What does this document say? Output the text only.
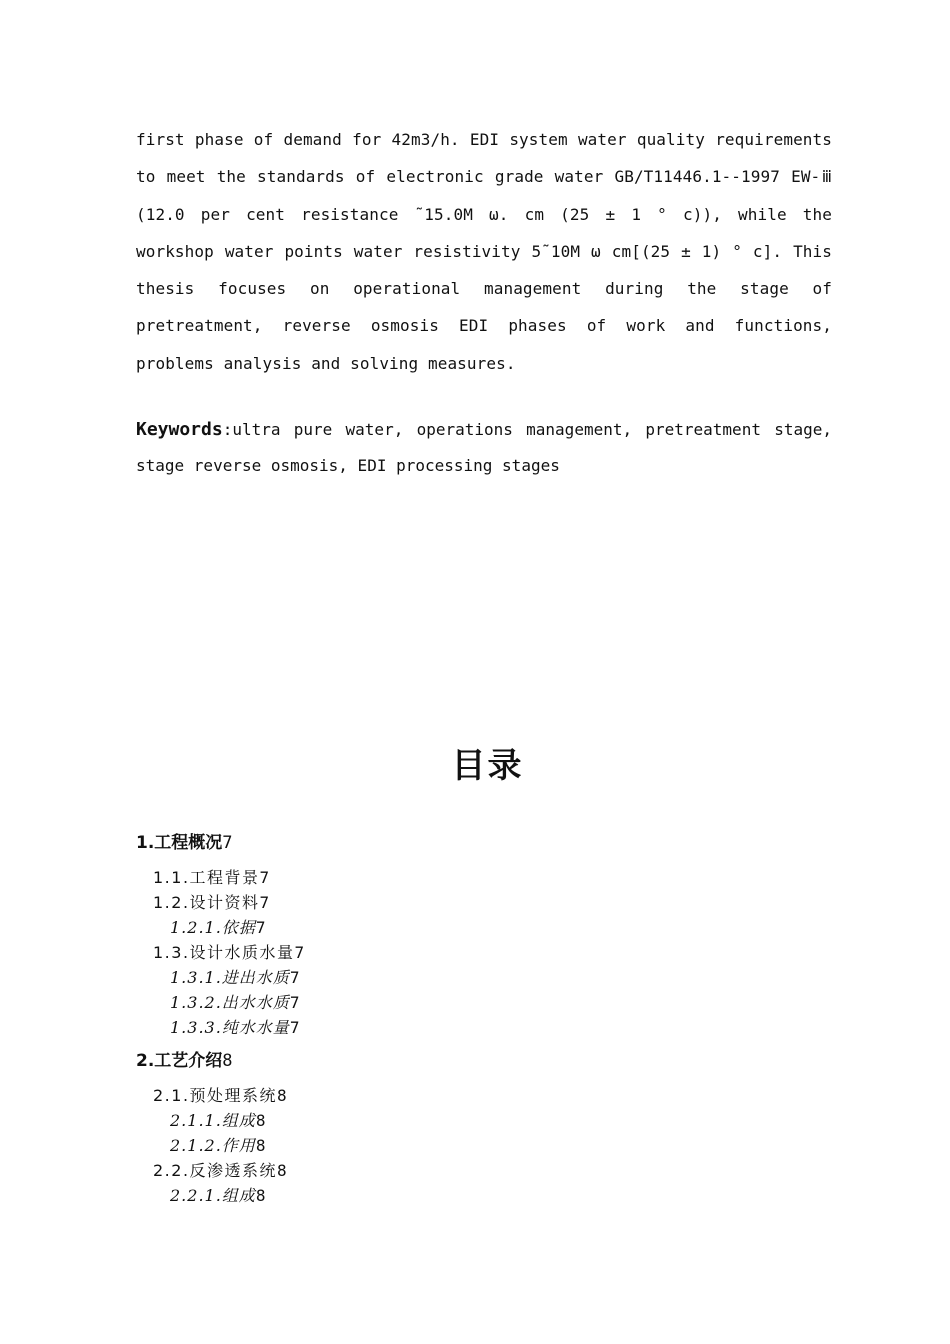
first phase of demand for 42m3/h. EDI system water quality requirements to meet the standards of electronic grade water GB/T11446.1--1997 EW-ⅲ (12.0 per cent resistance ˜15.0M ω. cm (25 ± 1 ° c)), while the workshop water points water resistivity 5˜10M ω cm[(25 ± 1) ° c]. This thesis focuses on operational management during the stage of pretreatment, reverse osmosis EDI phases of work and functions, problems analysis and solving measures.

Keywords:ultra pure water, operations management, pretreatment stage, stage reverse osmosis, EDI processing stages

目录
1.工程概况7
1.1.工程背景7
1.2.设计资料7
1.2.1.依据7
1.3.设计水质水量7
1.3.1.进出水质7
1.3.2.出水水质7
1.3.3.纯水水量7
2.工艺介绍8
2.1.预处理系统8
2.1.1.组成8
2.1.2.作用8
2.2.反渗透系统8
2.2.1.组成8
